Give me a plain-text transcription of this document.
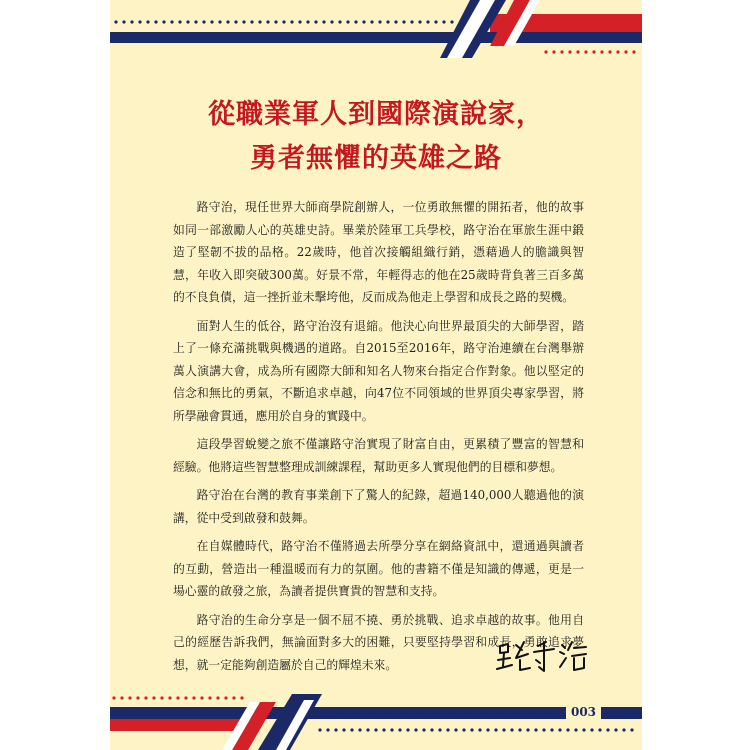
從職業軍人到國際演說家，
勇者無懼的英雄之路

路守治，現任世界大師商學院創辦人，一位勇敢無懼的開拓者，他的故事如同一部激勵人心的英雄史詩。畢業於陸軍工兵學校，路守治在軍旅生涯中鍛造了堅韌不拔的品格。22歲時，他首次接觸組織行銷，憑藉過人的膽識與智慧，年收入即突破300萬。好景不常，年輕得志的他在25歲時背負著三百多萬的不良負債，這一挫折並未擊垮他，反而成為他走上學習和成長之路的契機。

面對人生的低谷，路守治沒有退縮。他決心向世界最頂尖的大師學習，踏上了一條充滿挑戰與機遇的道路。自2015至2016年，路守治連續在台灣舉辦萬人演講大會，成為所有國際大師和知名人物來台指定合作對象。他以堅定的信念和無比的勇氣，不斷追求卓越，向47位不同領域的世界頂尖專家學習，將所學融會貫通，應用於自身的實踐中。

這段學習蛻變之旅不僅讓路守治實現了財富自由，更累積了豐富的智慧和經驗。他將這些智慧整理成訓練課程，幫助更多人實現他們的目標和夢想。

路守治在台灣的教育事業創下了驚人的紀錄，超過140,000人聽過他的演講，從中受到啟發和鼓舞。

在自媒體時代，路守治不僅將過去所學分享在網絡資訊中，還通過與讀者的互動，營造出一種溫暖而有力的氛圍。他的書籍不僅是知識的傳遞，更是一場心靈的啟發之旅，為讀者提供寶貴的智慧和支持。

路守治的生命分享是一個不屈不撓、勇於挑戰、追求卓越的故事。他用自己的經歷告訴我們，無論面對多大的困難，只要堅持學習和成長，勇敢追求夢想，就一定能夠創造屬於自己的輝煌未來。

003
